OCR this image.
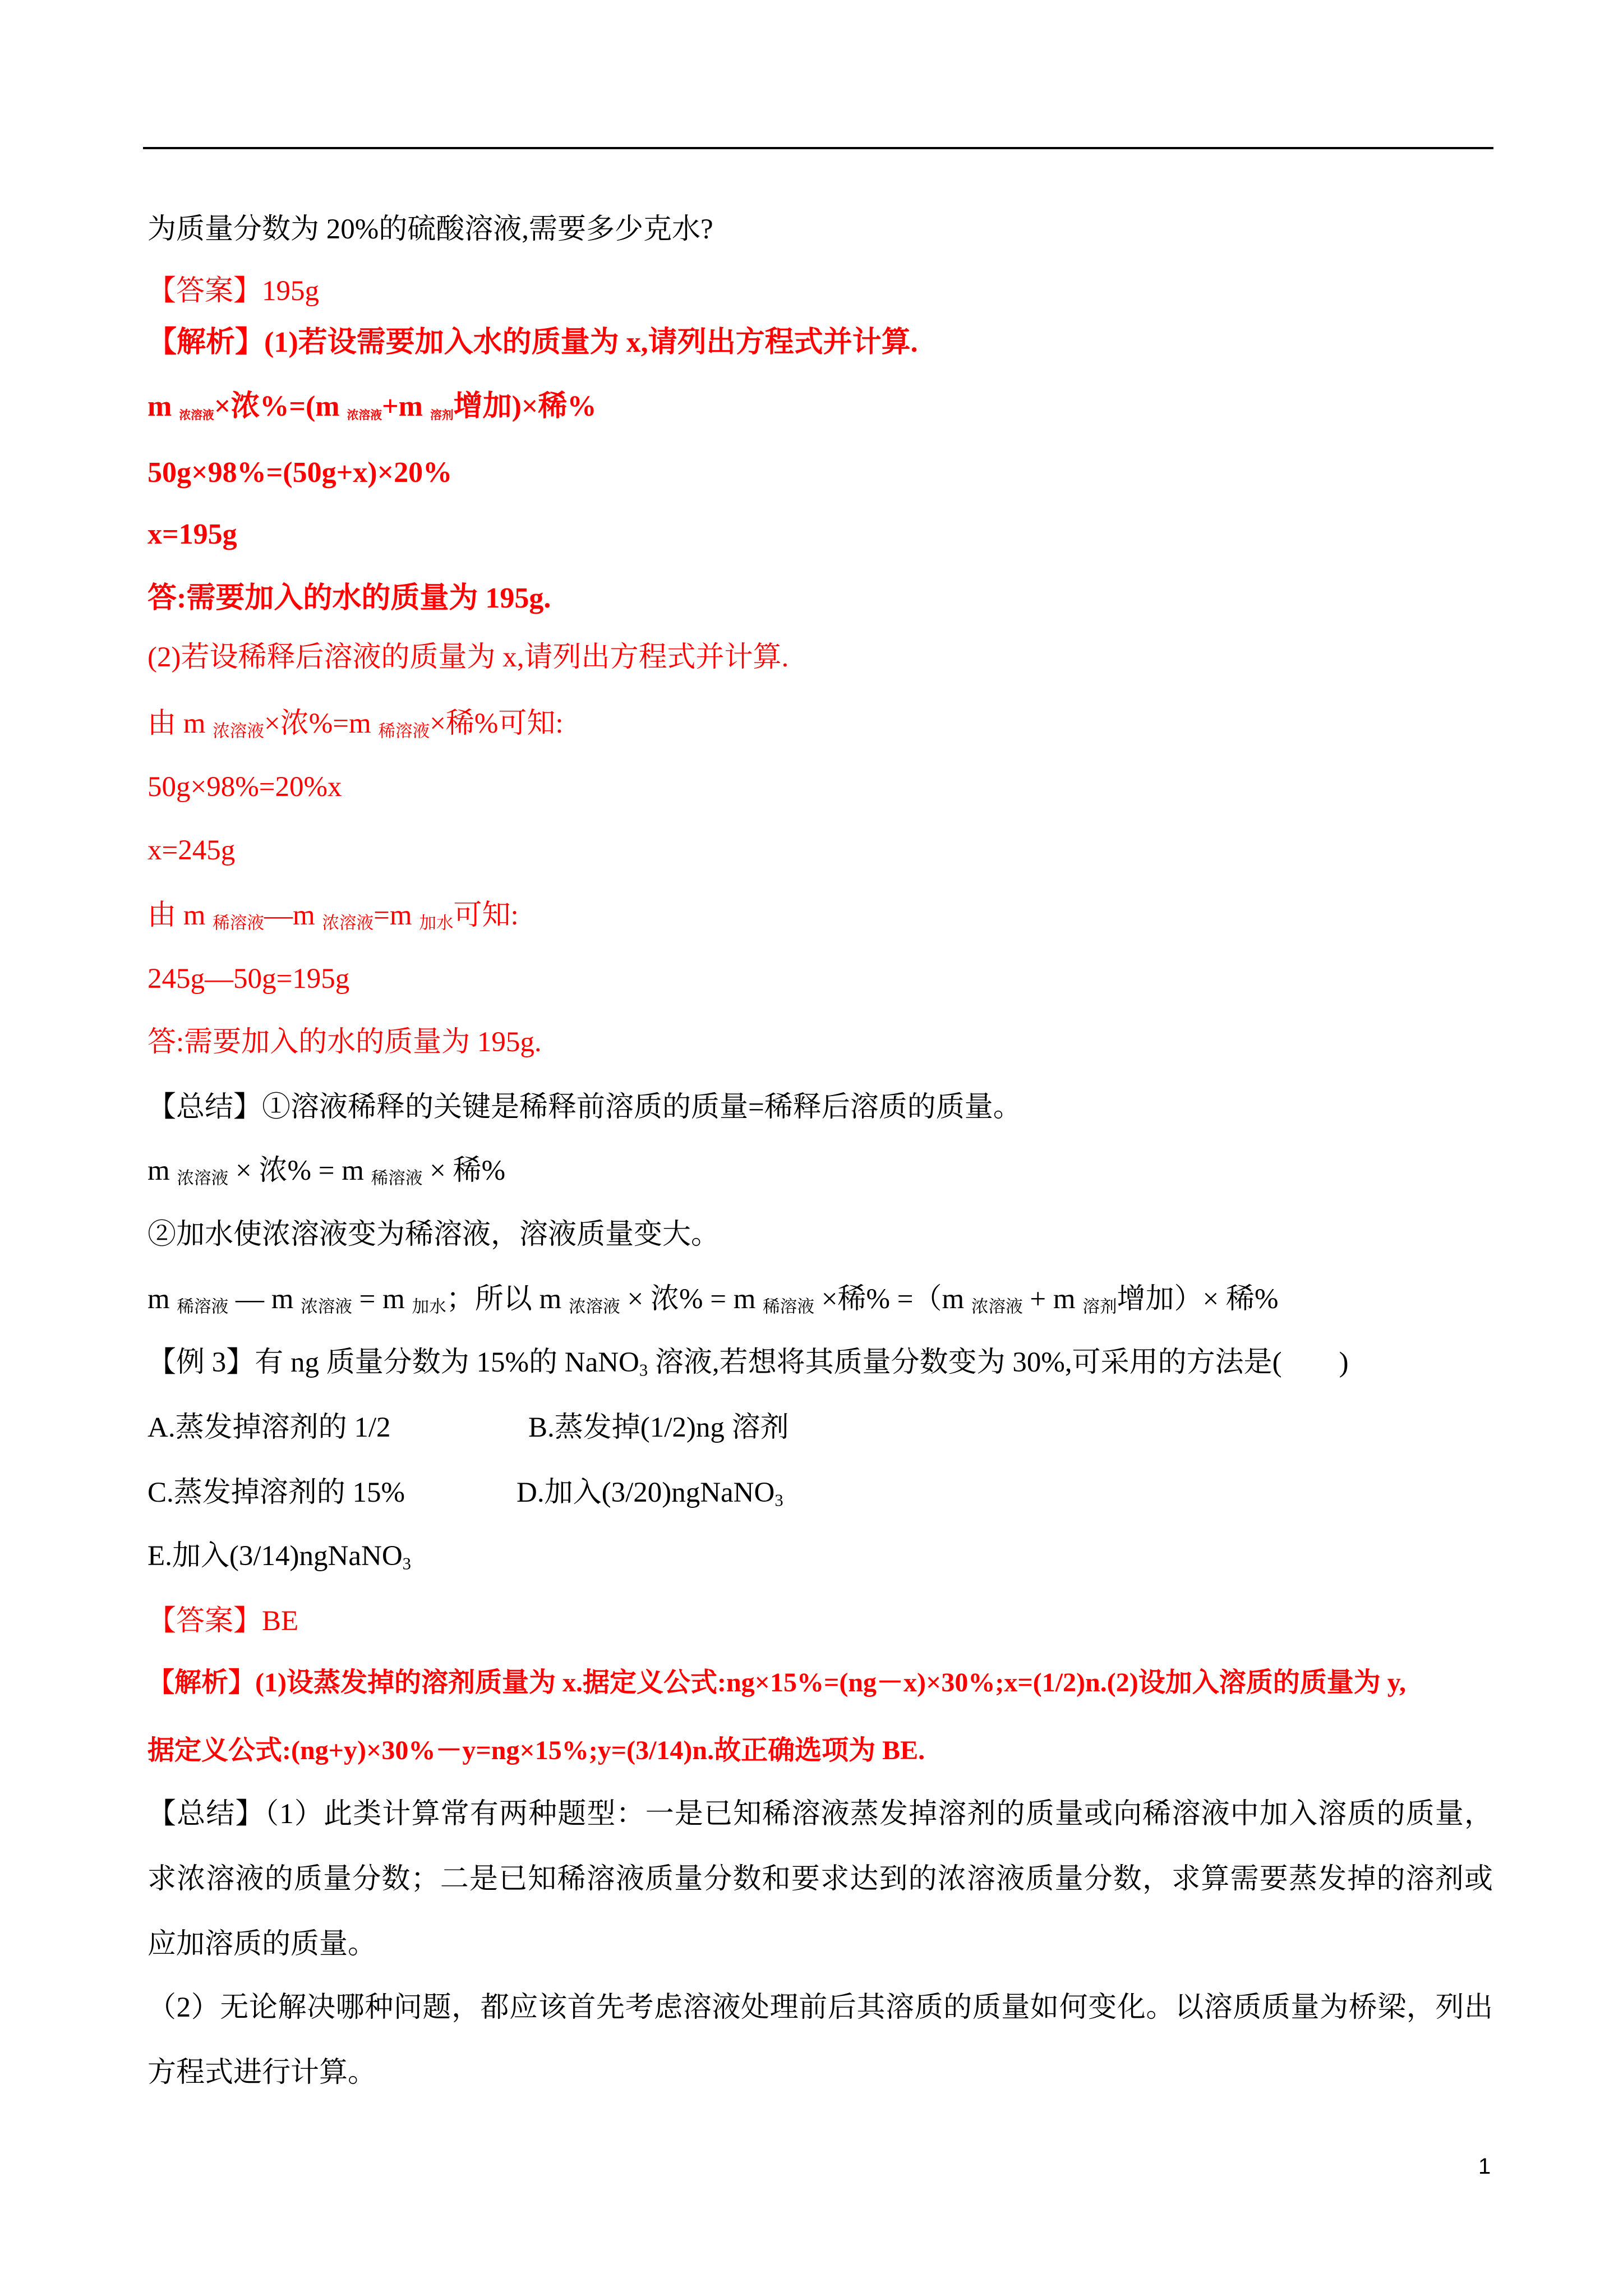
为质量分数为 20%的硫酸溶液,需要多少克水?
【答案】195g
【解析】(1)若设需要加入水的质量为 x,请列出方程式并计算.
m $_{浓溶液}$×浓%=(m $_{浓溶液}$+m $_{溶剂}$增加)×稀%
50g×98%=(50g+x)×20%
x=195g
答:需要加入的水的质量为 195g.
(2)若设稀释后溶液的质量为 x,请列出方程式并计算.
由 m $_{浓溶液}$×浓%=m $_{稀溶液}$×稀%可知:
50g×98%=20%x
x=245g
由 m $_{稀溶液}$—m $_{浓溶液}$=m $_{加水}$可知:
245g—50g=195g
答:需要加入的水的质量为 195g.
【总结】①溶液稀释的关键是稀释前溶质的质量=稀释后溶质的质量。
m $_{浓溶液}$ × 浓% = m $_{稀溶液}$ × 稀%
②加水使浓溶液变为稀溶液，溶液质量变大。
m $_{稀溶液}$ — m $_{浓溶液}$ = m $_{加水}$；所以 m $_{浓溶液}$ × 浓% = m $_{稀溶液}$ ×稀% =（m $_{浓溶液}$ + m $_{溶剂}$增加）× 稀%
【例 3】有 ng 质量分数为 15%的 NaNO$_3$ 溶液,若想将其质量分数变为 30%,可采用的方法是(　　)
A.蒸发掉溶剂的 1/2	B.蒸发掉(1/2)ng 溶剂
C.蒸发掉溶剂的 15%	D.加入(3/20)ngNaNO$_3$
E.加入(3/14)ngNaNO$_3$
【答案】BE
【解析】(1)设蒸发掉的溶剂质量为 x.据定义公式:ng×15%=(ng－x)×30%;x=(1/2)n.(2)设加入溶质的质量为 y,
据定义公式:(ng+y)×30%－y=ng×15%;y=(3/14)n.故正确选项为 BE.
【总结】（1）此类计算常有两种题型：一是已知稀溶液蒸发掉溶剂的质量或向稀溶液中加入溶质的质量，
求浓溶液的质量分数；二是已知稀溶液质量分数和要求达到的浓溶液质量分数，求算需要蒸发掉的溶剂或
应加溶质的质量。
（2）无论解决哪种问题，都应该首先考虑溶液处理前后其溶质的质量如何变化。以溶质质量为桥梁，列出
方程式进行计算。
1
